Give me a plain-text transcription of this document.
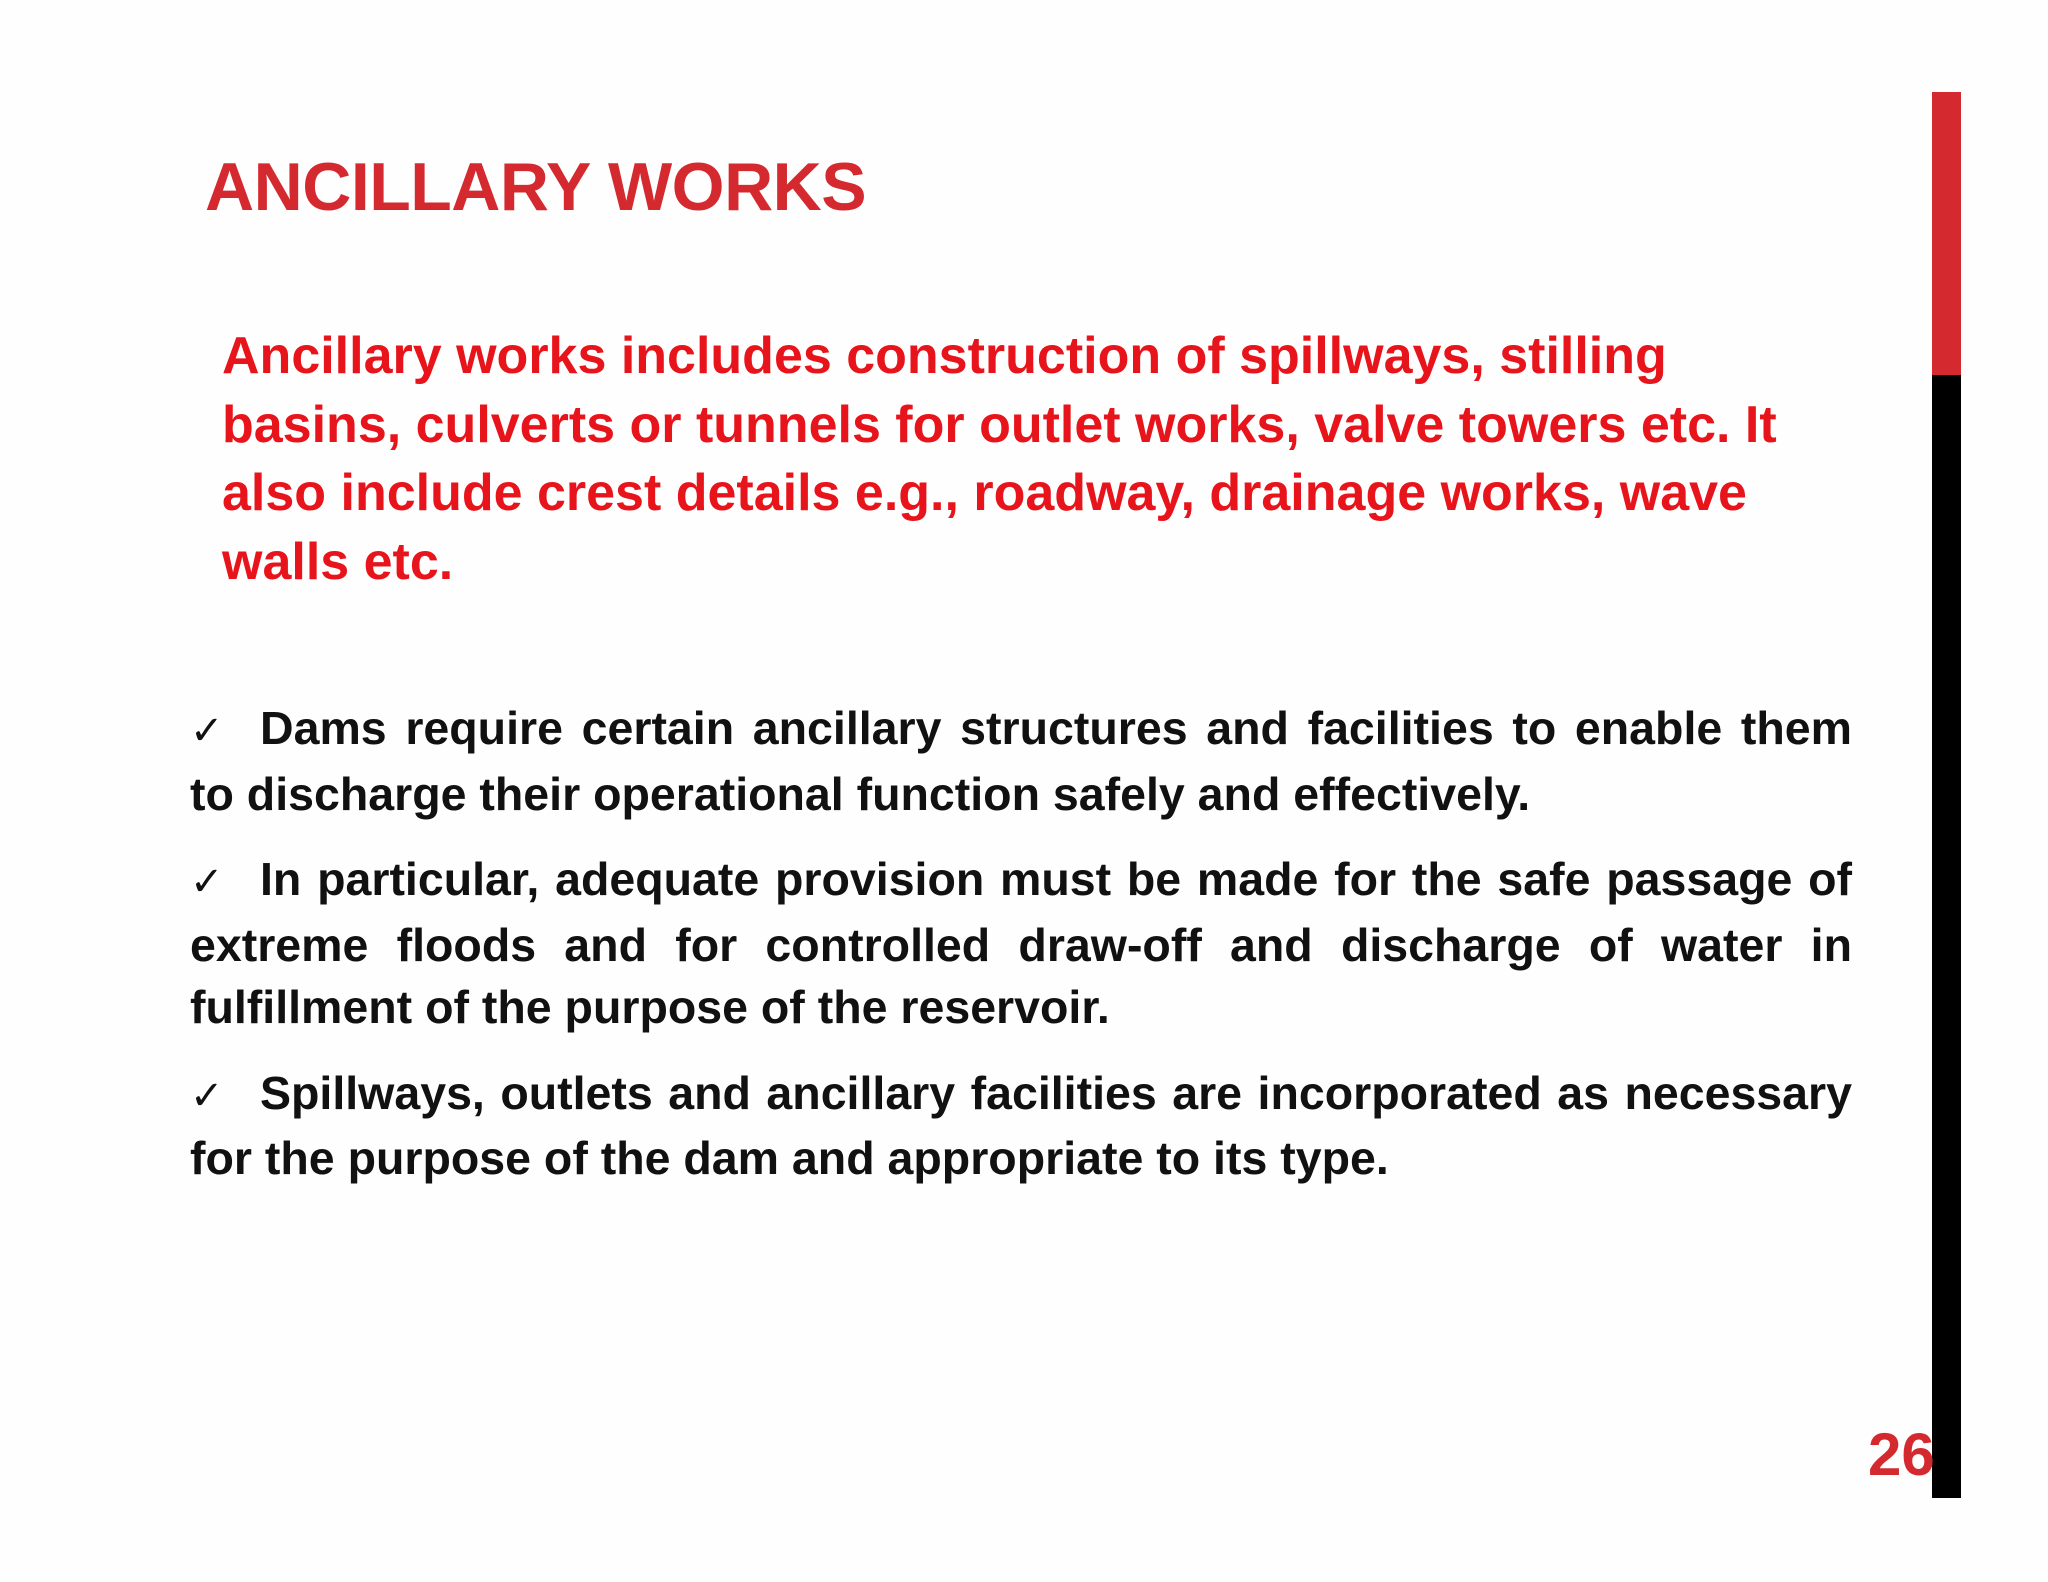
ANCILLARY WORKS

Ancillary works includes construction of spillways, stilling basins, culverts or tunnels for outlet works, valve towers etc. It also include crest details e.g., roadway, drainage works, wave walls etc.

✓ Dams require certain ancillary structures and facilities to enable them to discharge their operational function safely and effectively.
✓ In particular, adequate provision must be made for the safe passage of extreme floods and for controlled draw-off and discharge of water in fulfillment of the purpose of the reservoir.
✓ Spillways, outlets and ancillary facilities are incorporated as necessary for the purpose of the dam and appropriate to its type.
26
